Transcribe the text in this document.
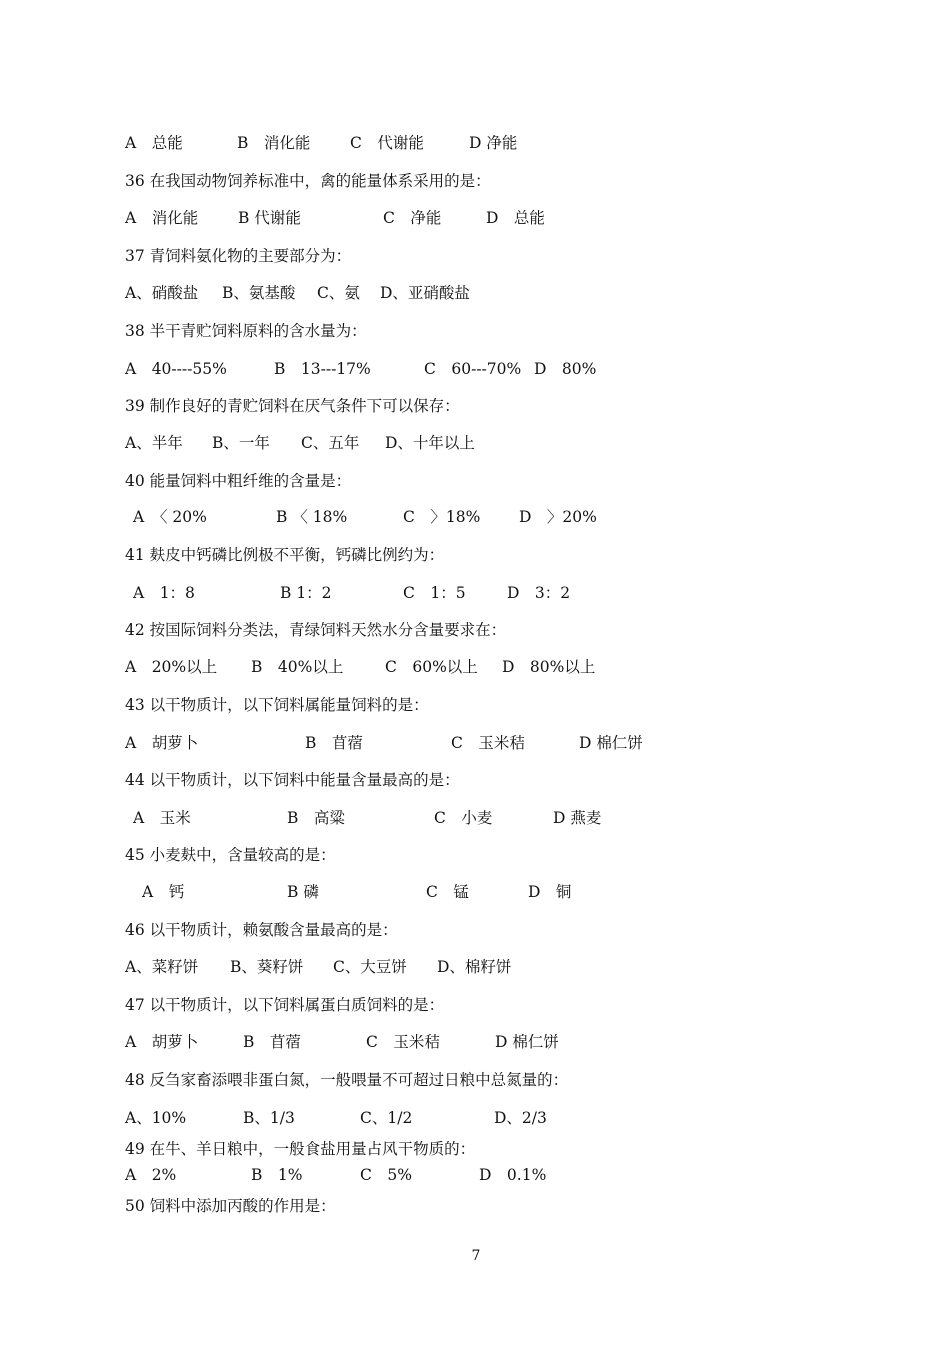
A　总能	B　消化能	C　代谢能	D 净能
36 在我国动物饲养标准中，禽的能量体系采用的是：
A　消化能	B 代谢能	C　净能	D　总能
37 青饲料氨化物的主要部分为：
A、硝酸盐 B、氨基酸 C、氨 D、亚硝酸盐
38 半干青贮饲料原料的含水量为：
A　40----55%	B　13---17%	C　60---70% D　80%
39 制作良好的青贮饲料在厌气条件下可以保存：
A、半年 B、一年 C、五年 D、十年以上
40 能量饲料中粗纤维的含量是：
A　〈 20%	B 〈 18%	C　〉18% D　〉20%
41 麸皮中钙磷比例极不平衡，钙磷比例约为：
A　1：8	B 1：2	C　1：5	D　3：2
42 按国际饲料分类法，青绿饲料天然水分含量要求在：
A　20%以上 B　40%以上	C　60%以上 D　80%以上
43 以干物质计，以下饲料属能量饲料的是：
A　胡萝卜	B　苜蓿	C　玉米秸	D 棉仁饼
44 以干物质计，以下饲料中能量含量最高的是：
A　玉米	B　高粱	C　小麦	D 燕麦
45 小麦麸中，含量较高的是：
A　钙	B 磷	C　锰	D　铜
46 以干物质计，赖氨酸含量最高的是：
A、菜籽饼 B、葵籽饼 C、大豆饼 D、棉籽饼
47 以干物质计，以下饲料属蛋白质饲料的是：
A　胡萝卜	B　苜蓿	C　玉米秸	D 棉仁饼
48 反刍家畜添喂非蛋白氮，一般喂量不可超过日粮中总氮量的：
A、10%	B、1/3	C、1/2	D、2/3
49 在牛、羊日粮中，一般食盐用量占风干物质的：
A　2%	B　1%	C　5%	D　0.1%
50 饲料中添加丙酸的作用是：
7
